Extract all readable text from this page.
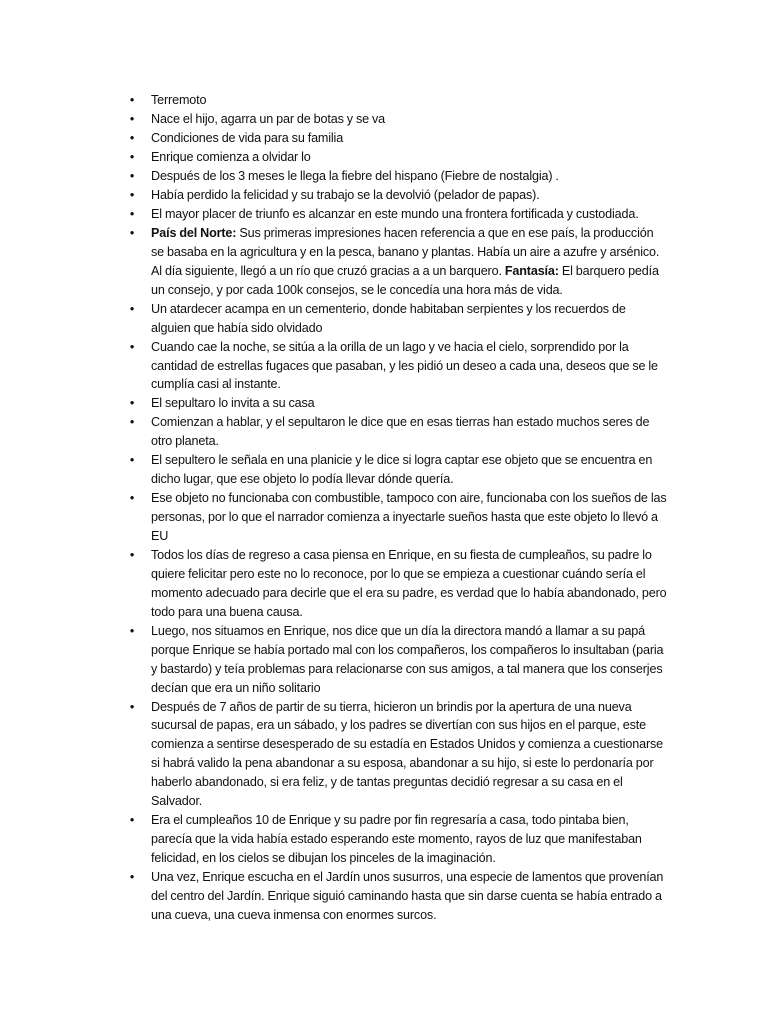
• Terremoto
• Nace el hijo, agarra un par de botas y se va
• Condiciones de vida para su familia
• Enrique comienza a olvidar lo
• Después de los 3 meses le llega la fiebre del hispano (Fiebre de nostalgia) .
• Había perdido la felicidad y su trabajo se la devolvió (pelador de papas).
• El mayor placer de triunfo es alcanzar en este mundo una frontera fortificada y custodiada.
• País del Norte: Sus primeras impresiones hacen referencia a que en ese país, la producción se basaba en la agricultura y en la pesca, banano y plantas. Había un aire a azufre y arsénico. Al día siguiente, llegó a un río que cruzó gracias a a un barquero. Fantasía: El barquero pedía un consejo, y por cada 100k consejos, se le concedía una hora más de vida.
• Un atardecer acampa en un cementerio, donde habitaban serpientes y los recuerdos de alguien que había sido olvidado
• Cuando cae la noche, se sitúa a la orilla de un lago y ve hacia el cielo, sorprendido por la cantidad de estrellas fugaces que pasaban, y les pidió un deseo a cada una, deseos que se le cumplía casi al instante.
• El sepultaro lo invita a su casa
• Comienzan a hablar, y el sepultaron le dice que en esas tierras han estado muchos seres de otro planeta.
• El sepultero le señala en una planicie y le dice si logra captar ese objeto que se encuentra en dicho lugar, que ese objeto lo podía llevar dónde quería.
• Ese objeto no funcionaba con combustible, tampoco con aire, funcionaba con los sueños de las personas, por lo que el narrador comienza a inyectarle sueños hasta que este objeto lo llevó a EU
• Todos los días de regreso a casa piensa en Enrique, en su fiesta de cumpleaños, su padre lo quiere felicitar pero este no lo reconoce, por lo que se empieza a cuestionar cuándo sería el momento adecuado para decirle que el era su padre, es verdad que lo había abandonado, pero todo para una buena causa.
• Luego, nos situamos en Enrique, nos dice que un día la directora mandó a llamar a su papá porque Enrique se había portado mal con los compañeros, los compañeros lo insultaban (paria y bastardo) y teía problemas para relacionarse con sus amigos, a tal manera que los conserjes decían que era un niño solitario
• Después de 7 años de partir de su tierra, hicieron un brindis por la apertura de una nueva sucursal de papas, era un sábado, y los padres se divertían con sus hijos en el parque, este comienza a sentirse desesperado de su estadía en Estados Unidos y comienza a cuestionarse si habrá valido la pena abandonar a su esposa, abandonar a su hijo, si este lo perdonaría por haberlo abandonado, si era feliz, y de tantas preguntas decidió regresar a su casa en el Salvador.
• Era el cumpleaños 10 de Enrique y su padre por fin regresaría a casa, todo pintaba bien, parecía que la vida había estado esperando este momento, rayos de luz que manifestaban felicidad, en los cielos se dibujan los pinceles de la imaginación.
• Una vez, Enrique escucha en el Jardín unos susurros, una especie de lamentos que provenían del centro del Jardín. Enrique siguió caminando hasta que sin darse cuenta se había entrado a una cueva, una cueva inmensa con enormes surcos.
